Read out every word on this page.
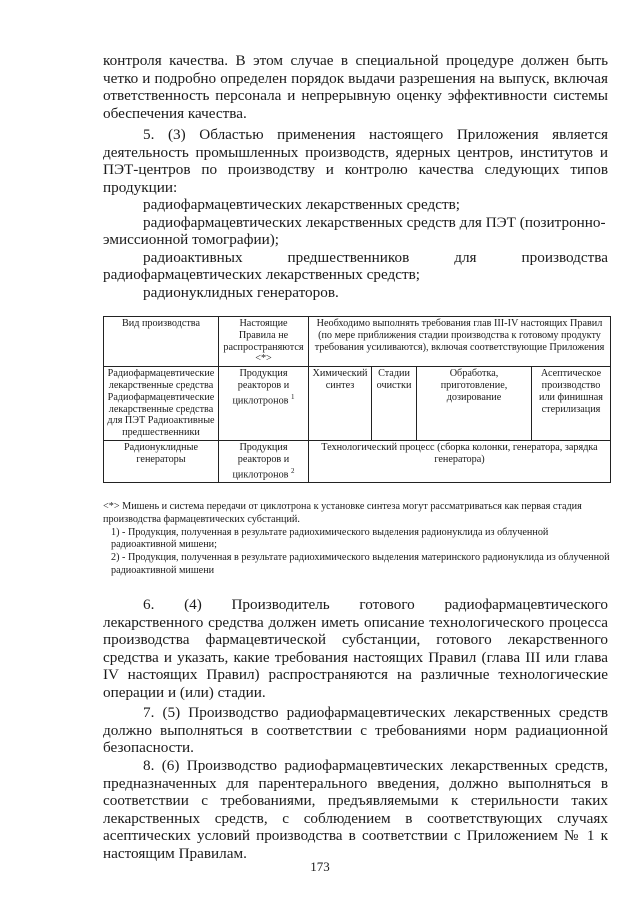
контроля качества. В этом случае в специальной процедуре должен быть
четко и подробно определен порядок выдачи разрешения на выпуск, включая
ответственность персонала и непрерывную оценку эффективности системы
обеспечения качества.
5. (3) Областью применения настоящего Приложения является
деятельность промышленных производств, ядерных центров, институтов и
ПЭТ-центров по производству и контролю качества следующих типов
продукции:
радиофармацевтических лекарственных средств;
радиофармацевтических лекарственных средств для ПЭТ (позитронно-
эмиссионной томографии);
радиоактивных предшественников для производства
радиофармацевтических лекарственных средств;
радионуклидных генераторов.
Вид производства	Настоящие Правила не распространяются <*>	Необходимо выполнять требования глав III-IV настоящих Правил (по мере приближения стадии производства к готовому продукту требования усиливаются), включая соответствующие Приложения			
Радиофармацевтические лекарственные средства Радиофармацевтические лекарственные средства для ПЭТ Радиоактивные предшественники	Продукция реакторов и циклотронов $^1$	Химический синтез	Стадии очистки	Обработка, приготовление, дозирование	Асептическое производство или финишная стерилизация
Радионуклидные генераторы	Продукция реакторов и циклотронов $^2$	Технологический процесс (сборка колонки, генератора, зарядка генератора)			
<*> Мишень и система передачи от циклотрона к установке синтеза могут рассматриваться как первая стадия производства фармацевтических субстанций.
1) - Продукция, полученная в результате радиохимического выделения радионуклида из облученной радиоактивной мишени;
2) - Продукция, полученная в результате радиохимического выделения материнского радионуклида из облученной радиоактивной мишени
6. (4) Производитель готового радиофармацевтического
лекарственного средства должен иметь описание технологического процесса
производства фармацевтической субстанции, готового лекарственного
средства и указать, какие требования настоящих Правил (глава III или глава
IV настоящих Правил) распространяются на различные технологические
операции и (или) стадии.
7. (5) Производство радиофармацевтических лекарственных средств
должно выполняться в соответствии с требованиями норм радиационной
безопасности.
8. (6) Производство радиофармацевтических лекарственных средств,
предназначенных для парентерального введения, должно выполняться в
соответствии с требованиями, предъявляемыми к стерильности таких
лекарственных средств, с соблюдением в соответствующих случаях
асептических условий производства в соответствии с Приложением № 1 к
настоящим Правилам.
173
